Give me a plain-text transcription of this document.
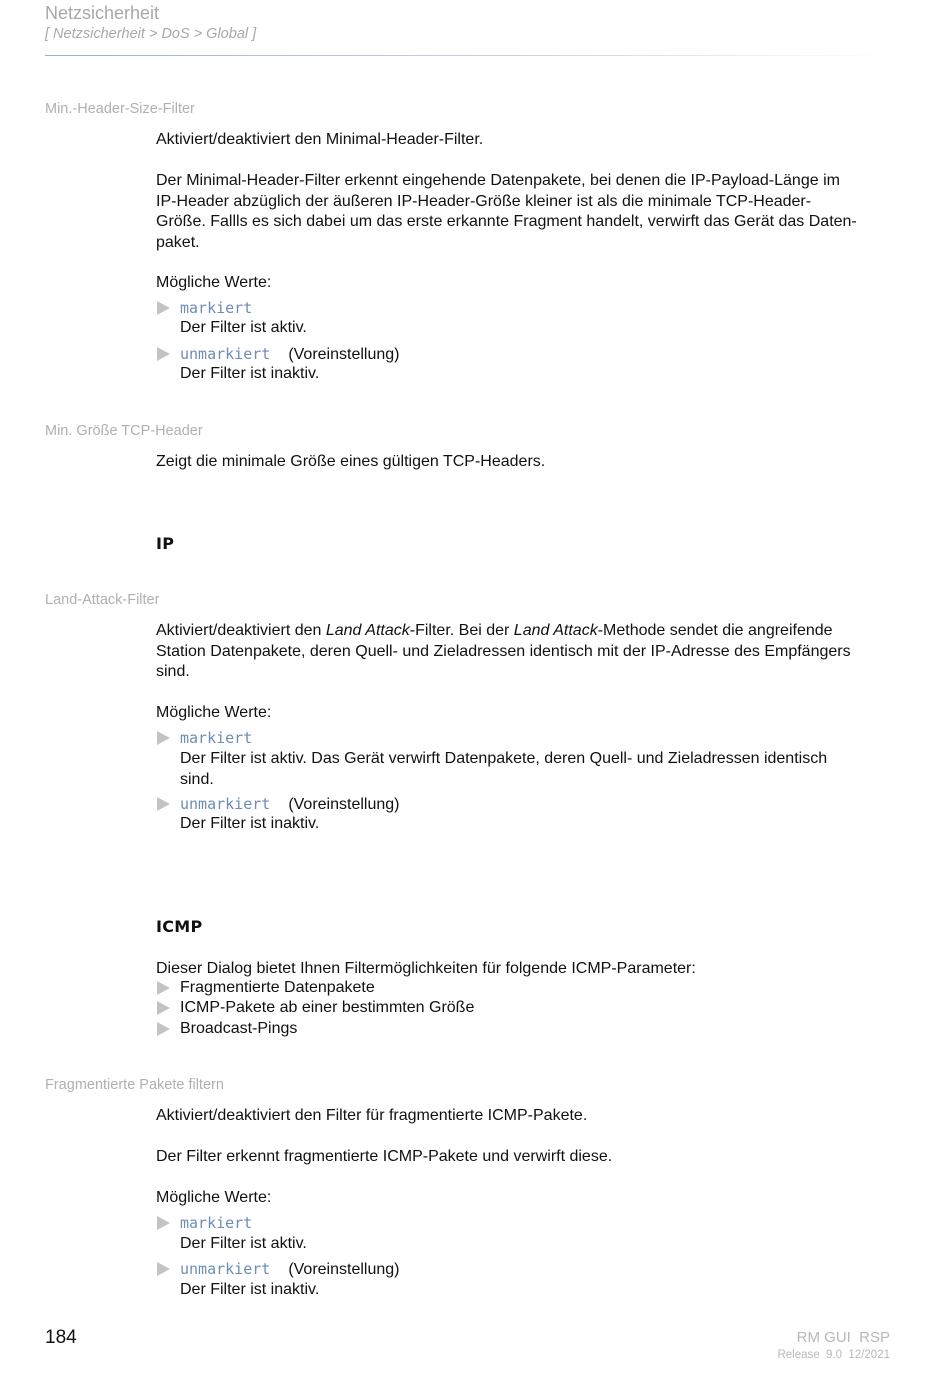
Netzsicherheit
[ Netzsicherheit > DoS > Global ]
Min.-Header-Size-Filter
Aktiviert/deaktiviert den Minimal-Header-Filter.
Der Minimal-Header-Filter erkennt eingehende Datenpakete, bei denen die IP-Payload-Länge im
IP-Header abzüglich der äußeren IP-Header-Größe kleiner ist als die minimale TCP-Header-
Größe. Fallls es sich dabei um das erste erkannte Fragment handelt, verwirft das Gerät das Daten-
paket.
Mögliche Werte:
markiert
Der Filter ist aktiv.
unmarkiert (Voreinstellung)
Der Filter ist inaktiv.
Min. Größe TCP-Header
Zeigt die minimale Größe eines gültigen TCP-Headers.
IP
Land-Attack-Filter
Aktiviert/deaktiviert den Land Attack-Filter. Bei der Land Attack-Methode sendet die angreifende
Station Datenpakete, deren Quell- und Zieladressen identisch mit der IP-Adresse des Empfängers
sind.
Mögliche Werte:
markiert
Der Filter ist aktiv. Das Gerät verwirft Datenpakete, deren Quell- und Zieladressen identisch
sind.
unmarkiert (Voreinstellung)
Der Filter ist inaktiv.
ICMP
Dieser Dialog bietet Ihnen Filtermöglichkeiten für folgende ICMP-Parameter:
Fragmentierte Datenpakete
ICMP-Pakete ab einer bestimmten Größe
Broadcast-Pings
Fragmentierte Pakete filtern
Aktiviert/deaktiviert den Filter für fragmentierte ICMP-Pakete.
Der Filter erkennt fragmentierte ICMP-Pakete und verwirft diese.
Mögliche Werte:
markiert
Der Filter ist aktiv.
unmarkiert (Voreinstellung)
Der Filter ist inaktiv.
184	RM GUI  RSP
Release  9.0  12/2021
